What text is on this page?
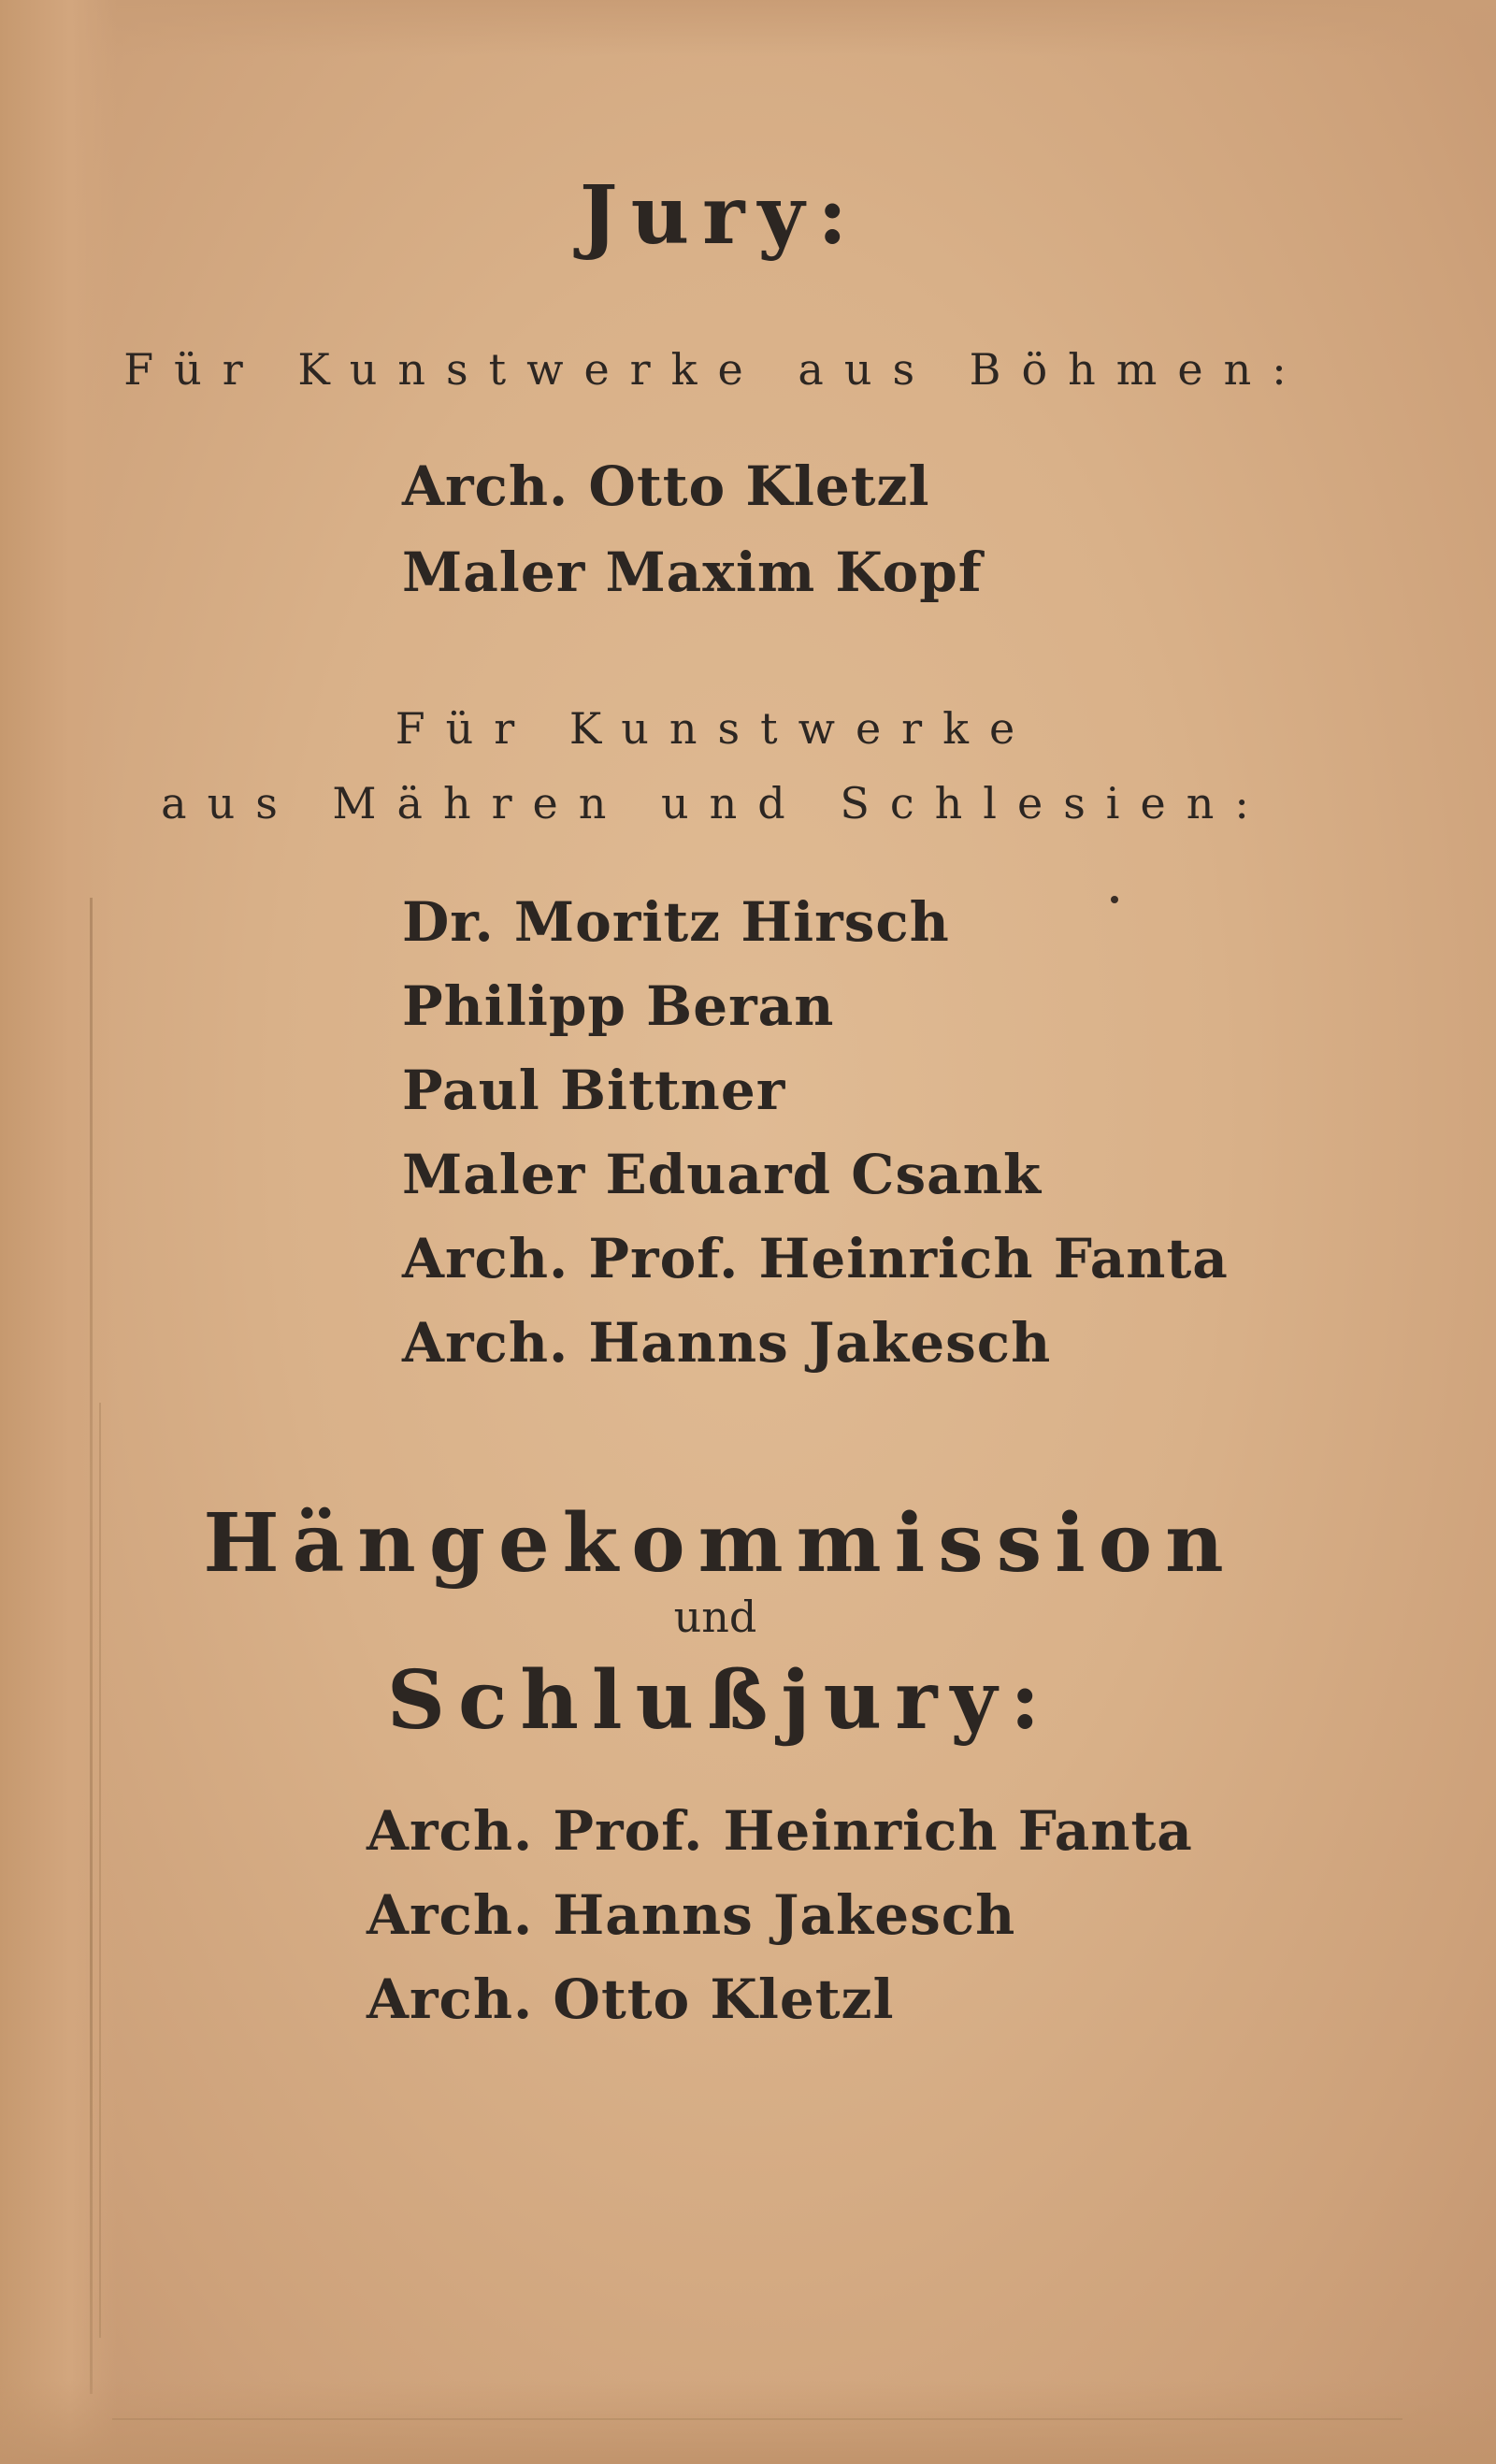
Jury:
Für Kunstwerke aus Böhmen:
Arch. Otto Kletzl
Maler Maxim Kopf
Für Kunstwerke
aus Mähren und Schlesien:
Dr. Moritz Hirsch
Philipp Beran
Paul Bittner
Maler Eduard Csank
Arch. Prof. Heinrich Fanta
Arch. Hanns Jakesch
Hängekommission
und
Schlußjury:
Arch. Prof. Heinrich Fanta
Arch. Hanns Jakesch
Arch. Otto Kletzl
